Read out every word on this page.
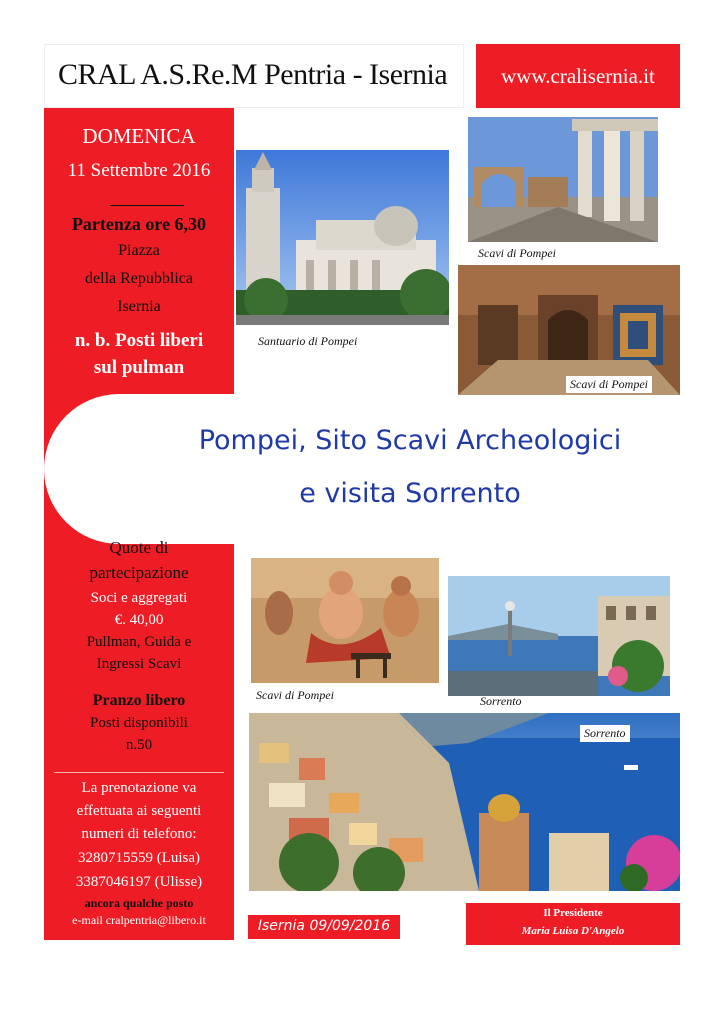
CRAL A.S.Re.M Pentria - Isernia	www.cralisernia.it
DOMENICA
11 Settembre 2016
Partenza ore 6,30
Piazza
della Repubblica
Isernia
n. b. Posti liberi
sul pulman
Pompei, Sito Scavi Archeologici
e visita Sorrento
Quote di
partecipazione
Soci e aggregati
€. 40,00
Pullman, Guida e
Ingressi Scavi
Pranzo libero
Posti disponibili
n.50
La prenotazione va
effettuata ai seguenti
numeri di telefono:
3280715559 (Luisa)
3387046197 (Ulisse)
ancora qualche posto
e-mail cralpentria@libero.it
Santuario di Pompei
Scavi di Pompei
Scavi di Pompei
Scavi di Pompei	Sorrento
Sorrento
Isernia 09/09/2016
Il Presidente
Maria Luisa D'Angelo
